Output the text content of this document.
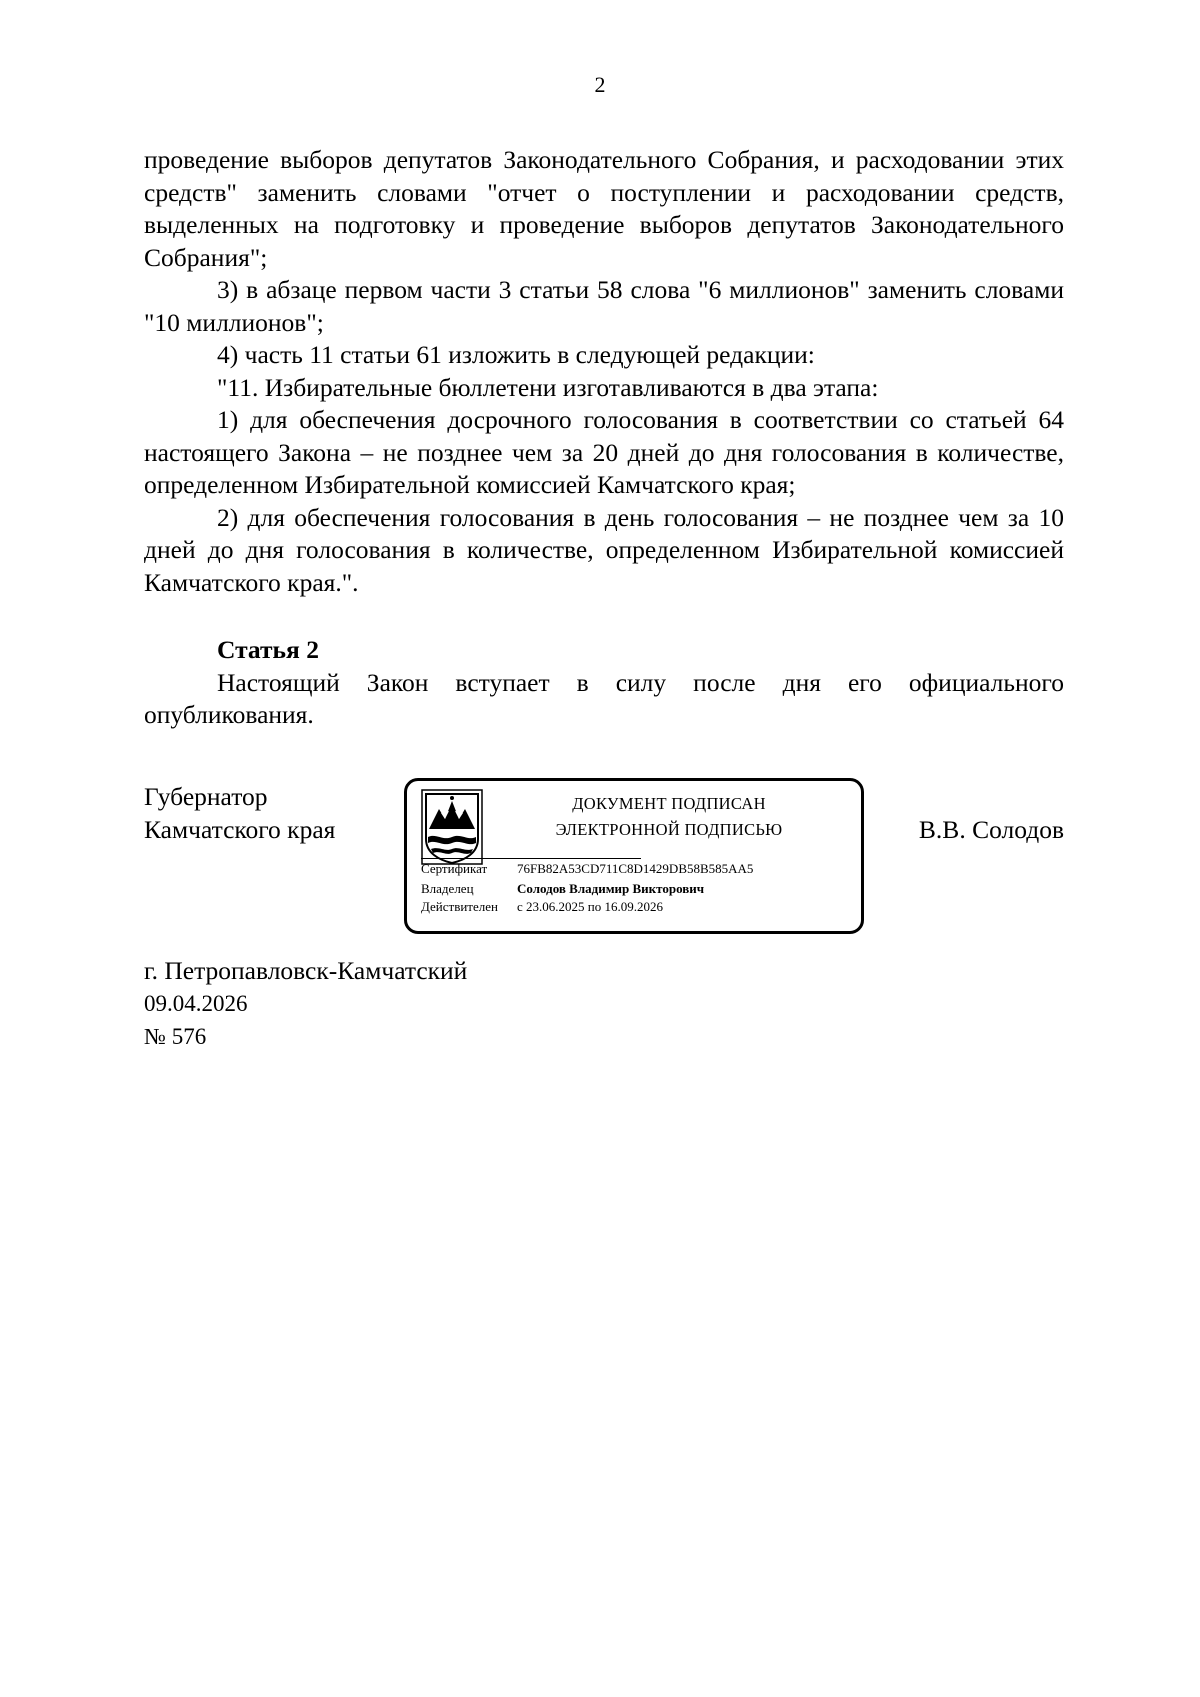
2

проведение выборов депутатов Законодательного Собрания, и расходовании этих средств" заменить словами "отчет о поступлении и расходовании средств, выделенных на подготовку и проведение выборов депутатов Законодательного Собрания";

3) в абзаце первом части 3 статьи 58 слова "6 миллионов" заменить словами "10 миллионов";

4) часть 11 статьи 61 изложить в следующей редакции:

"11. Избирательные бюллетени изготавливаются в два этапа:

1) для обеспечения досрочного голосования в соответствии со статьей 64 настоящего Закона – не позднее чем за 20 дней до дня голосования в количестве, определенном Избирательной комиссией Камчатского края;

2) для обеспечения голосования в день голосования – не позднее чем за 10 дней до дня голосования в количестве, определенном Избирательной комиссией Камчатского края.".

Статья 2

Настоящий Закон вступает в силу после дня его официального опубликования.

Губернатор
Камчатского края	В.В. Солодов
ДОКУМЕНТ ПОДПИСАН
ЭЛЕКТРОННОЙ ПОДПИСЬЮ
Сертификат 76FB82A53CD711C8D1429DB58B585AA5
Владелец	Солодов Владимир Викторович
Действителен с 23.06.2025 по 16.09.2026
г. Петропавловск-Камчатский
09.04.2026
№ 576
